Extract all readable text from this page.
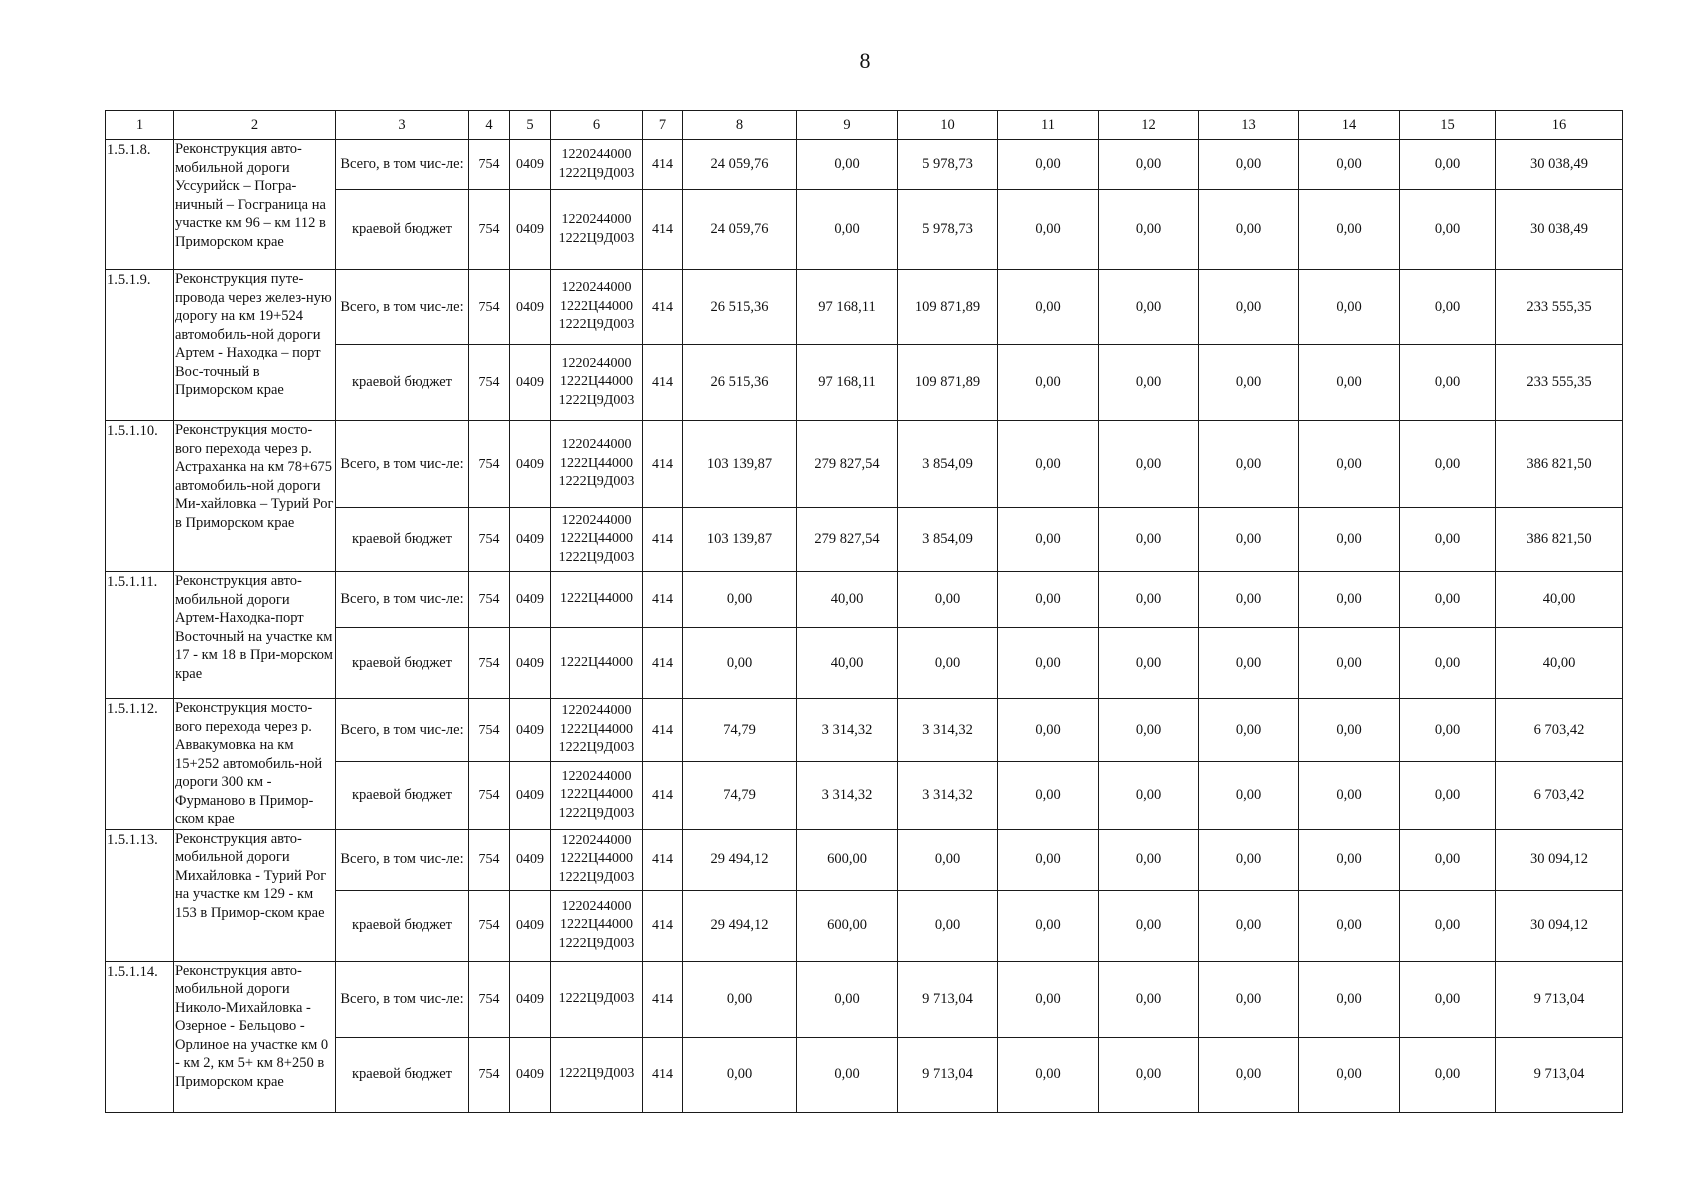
8
1	2	3	4	5	6	7	8	9	10	11	12	13	14	15	16
1.5.1.8.	Реконструкция авто-мобильной дороги Уссурийск – Погра-ничный – Госграница на участке км 96 – км 112 в Приморском крае	Всего, в том чис-ле:	754	0409	1220244000 1222Ц9Д003	414	24 059,76	0,00	5 978,73	0,00	0,00	0,00	0,00	0,00	30 038,49
		краевой бюджет	754	0409	1220244000 1222Ц9Д003	414	24 059,76	0,00	5 978,73	0,00	0,00	0,00	0,00	0,00	30 038,49
1.5.1.9.	Реконструкция путе-провода через желез-ную дорогу на км 19+524 автомобиль-ной дороги Артем - Находка – порт Вос-точный в Приморском крае	Всего, в том чис-ле:	754	0409	1220244000 1222Ц44000 1222Ц9Д003	414	26 515,36	97 168,11	109 871,89	0,00	0,00	0,00	0,00	0,00	233 555,35
		краевой бюджет	754	0409	1220244000 1222Ц44000 1222Ц9Д003	414	26 515,36	97 168,11	109 871,89	0,00	0,00	0,00	0,00	0,00	233 555,35
1.5.1.10.	Реконструкция мосто-вого перехода через р. Астраханка на км 78+675 автомобиль-ной дороги Ми-хайловка – Турий Рог в Приморском крае	Всего, в том чис-ле:	754	0409	1220244000 1222Ц44000 1222Ц9Д003	414	103 139,87	279 827,54	3 854,09	0,00	0,00	0,00	0,00	0,00	386 821,50
		краевой бюджет	754	0409	1220244000 1222Ц44000 1222Ц9Д003	414	103 139,87	279 827,54	3 854,09	0,00	0,00	0,00	0,00	0,00	386 821,50
1.5.1.11.	Реконструкция авто-мобильной дороги Артем-Находка-порт Восточный на участке км 17 - км 18 в При-морском крае	Всего, в том чис-ле:	754	0409	1222Ц44000	414	0,00	40,00	0,00	0,00	0,00	0,00	0,00	0,00	40,00
		краевой бюджет	754	0409	1222Ц44000	414	0,00	40,00	0,00	0,00	0,00	0,00	0,00	0,00	40,00
1.5.1.12.	Реконструкция мосто-вого перехода через р. Аввакумовка на км 15+252 автомобиль-ной дороги 300 км - Фурманово в Примор-ском крае	Всего, в том чис-ле:	754	0409	1220244000 1222Ц44000 1222Ц9Д003	414	74,79	3 314,32	3 314,32	0,00	0,00	0,00	0,00	0,00	6 703,42
		краевой бюджет	754	0409	1220244000 1222Ц44000 1222Ц9Д003	414	74,79	3 314,32	3 314,32	0,00	0,00	0,00	0,00	0,00	6 703,42
1.5.1.13.	Реконструкция авто-мобильной дороги Михайловка - Турий Рог на участке км 129 - км 153 в Примор-ском крае	Всего, в том чис-ле:	754	0409	1220244000 1222Ц44000 1222Ц9Д003	414	29 494,12	600,00	0,00	0,00	0,00	0,00	0,00	0,00	30 094,12
		краевой бюджет	754	0409	1220244000 1222Ц44000 1222Ц9Д003	414	29 494,12	600,00	0,00	0,00	0,00	0,00	0,00	0,00	30 094,12
1.5.1.14.	Реконструкция авто-мобильной дороги Николо-Михайловка - Озерное - Бельцово - Орлиное на участке км 0 - км 2, км 5+ км 8+250 в Приморском крае	Всего, в том чис-ле:	754	0409	1222Ц9Д003	414	0,00	0,00	9 713,04	0,00	0,00	0,00	0,00	0,00	9 713,04
		краевой бюджет	754	0409	1222Ц9Д003	414	0,00	0,00	9 713,04	0,00	0,00	0,00	0,00	0,00	9 713,04
